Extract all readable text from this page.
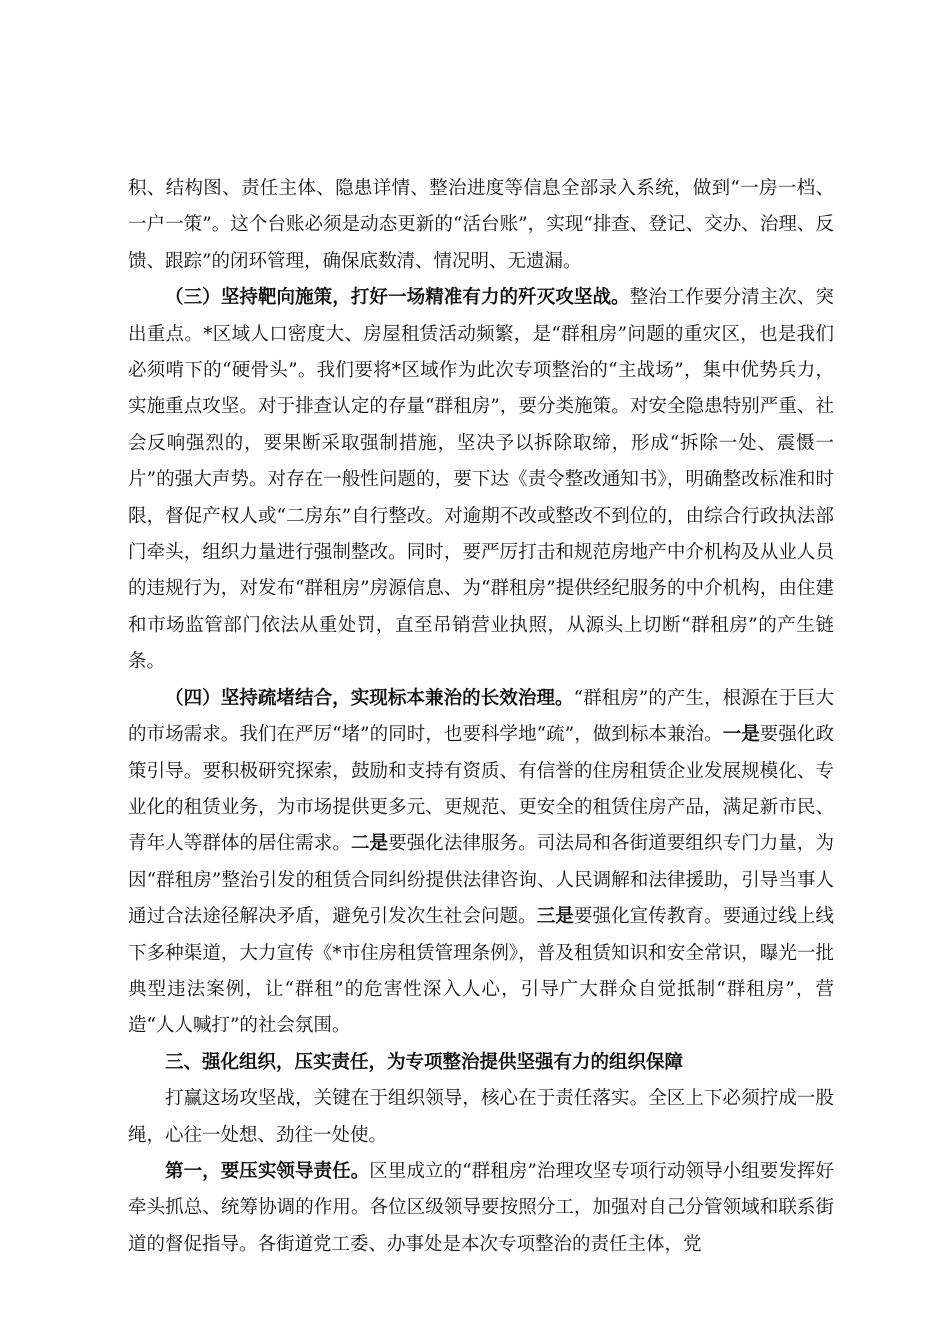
积、结构图、责任主体、隐患详情、整治进度等信息全部录入系统，做到“一房一档、一户一策”。这个台账必须是动态更新的“活台账”，实现“排查、登记、交办、治理、反馈、跟踪”的闭环管理，确保底数清、情况明、无遗漏。

（三）坚持靶向施策，打好一场精准有力的歼灭攻坚战。整治工作要分清主次、突出重点。*区域人口密度大、房屋租赁活动频繁，是“群租房”问题的重灾区，也是我们必须啃下的“硬骨头”。我们要将*区域作为此次专项整治的“主战场”，集中优势兵力，实施重点攻坚。对于排查认定的存量“群租房”，要分类施策。对安全隐患特别严重、社会反响强烈的，要果断采取强制措施，坚决予以拆除取缔，形成“拆除一处、震慑一片”的强大声势。对存在一般性问题的，要下达《责令整改通知书》，明确整改标准和时限，督促产权人或“二房东”自行整改。对逾期不改或整改不到位的，由综合行政执法部门牵头，组织力量进行强制整改。同时，要严厉打击和规范房地产中介机构及从业人员的违规行为，对发布“群租房”房源信息、为“群租房”提供经纪服务的中介机构，由住建和市场监管部门依法从重处罚，直至吊销营业执照，从源头上切断“群租房”的产生链条。

（四）坚持疏堵结合，实现标本兼治的长效治理。“群租房”的产生，根源在于巨大的市场需求。我们在严厉“堵”的同时，也要科学地“疏”，做到标本兼治。一是要强化政策引导。要积极研究探索，鼓励和支持有资质、有信誉的住房租赁企业发展规模化、专业化的租赁业务，为市场提供更多元、更规范、更安全的租赁住房产品，满足新市民、青年人等群体的居住需求。二是要强化法律服务。司法局和各街道要组织专门力量，为因“群租房”整治引发的租赁合同纠纷提供法律咨询、人民调解和法律援助，引导当事人通过合法途径解决矛盾，避免引发次生社会问题。三是要强化宣传教育。要通过线上线下多种渠道，大力宣传《*市住房租赁管理条例》，普及租赁知识和安全常识，曝光一批典型违法案例，让“群租”的危害性深入人心，引导广大群众自觉抵制“群租房”，营造“人人喊打”的社会氛围。

三、强化组织，压实责任，为专项整治提供坚强有力的组织保障

打赢这场攻坚战，关键在于组织领导，核心在于责任落实。全区上下必须拧成一股绳，心往一处想、劲往一处使。

第一，要压实领导责任。区里成立的“群租房”治理攻坚专项行动领导小组要发挥好牵头抓总、统筹协调的作用。各位区级领导要按照分工，加强对自己分管领域和联系街道的督促指导。各街道党工委、办事处是本次专项整治的责任主体，党
